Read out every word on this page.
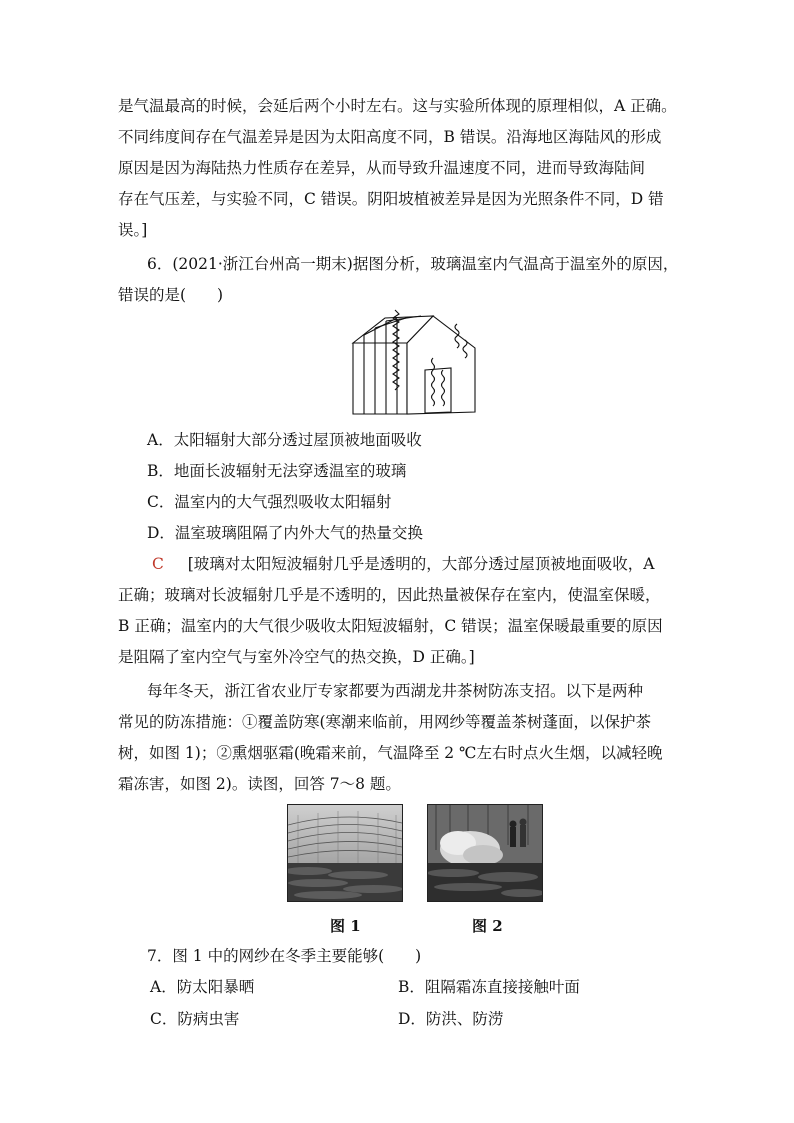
是气温最高的时候，会延后两个小时左右。这与实验所体现的原理相似，A 正确。
不同纬度间存在气温差异是因为太阳高度不同，B 错误。沿海地区海陆风的形成
原因是因为海陆热力性质存在差异，从而导致升温速度不同，进而导致海陆间
存在气压差，与实验不同，C 错误。阴阳坡植被差异是因为光照条件不同，D 错
误。]
6．(2021·浙江台州高一期末)据图分析，玻璃温室内气温高于温室外的原因，
错误的是(　　)
A．太阳辐射大部分透过屋顶被地面吸收
B．地面长波辐射无法穿透温室的玻璃
C．温室内的大气强烈吸收太阳辐射
D．温室玻璃阻隔了内外大气的热量交换
C [玻璃对太阳短波辐射几乎是透明的，大部分透过屋顶被地面吸收，A
正确；玻璃对长波辐射几乎是不透明的，因此热量被保存在室内，使温室保暖，
B 正确；温室内的大气很少吸收太阳短波辐射，C 错误；温室保暖最重要的原因
是阻隔了室内空气与室外冷空气的热交换，D 正确。]
每年冬天，浙江省农业厅专家都要为西湖龙井茶树防冻支招。以下是两种
常见的防冻措施：①覆盖防寒(寒潮来临前，用网纱等覆盖茶树蓬面，以保护茶
树，如图 1)；②熏烟驱霜(晚霜来前，气温降至 2 ℃左右时点火生烟，以减轻晚
霜冻害，如图 2)。读图，回答 7～8 题。
图 1	图 2
7．图 1 中的网纱在冬季主要能够(　　)
A．防太阳暴晒	B．阻隔霜冻直接接触叶面
C．防病虫害	D．防洪、防涝
